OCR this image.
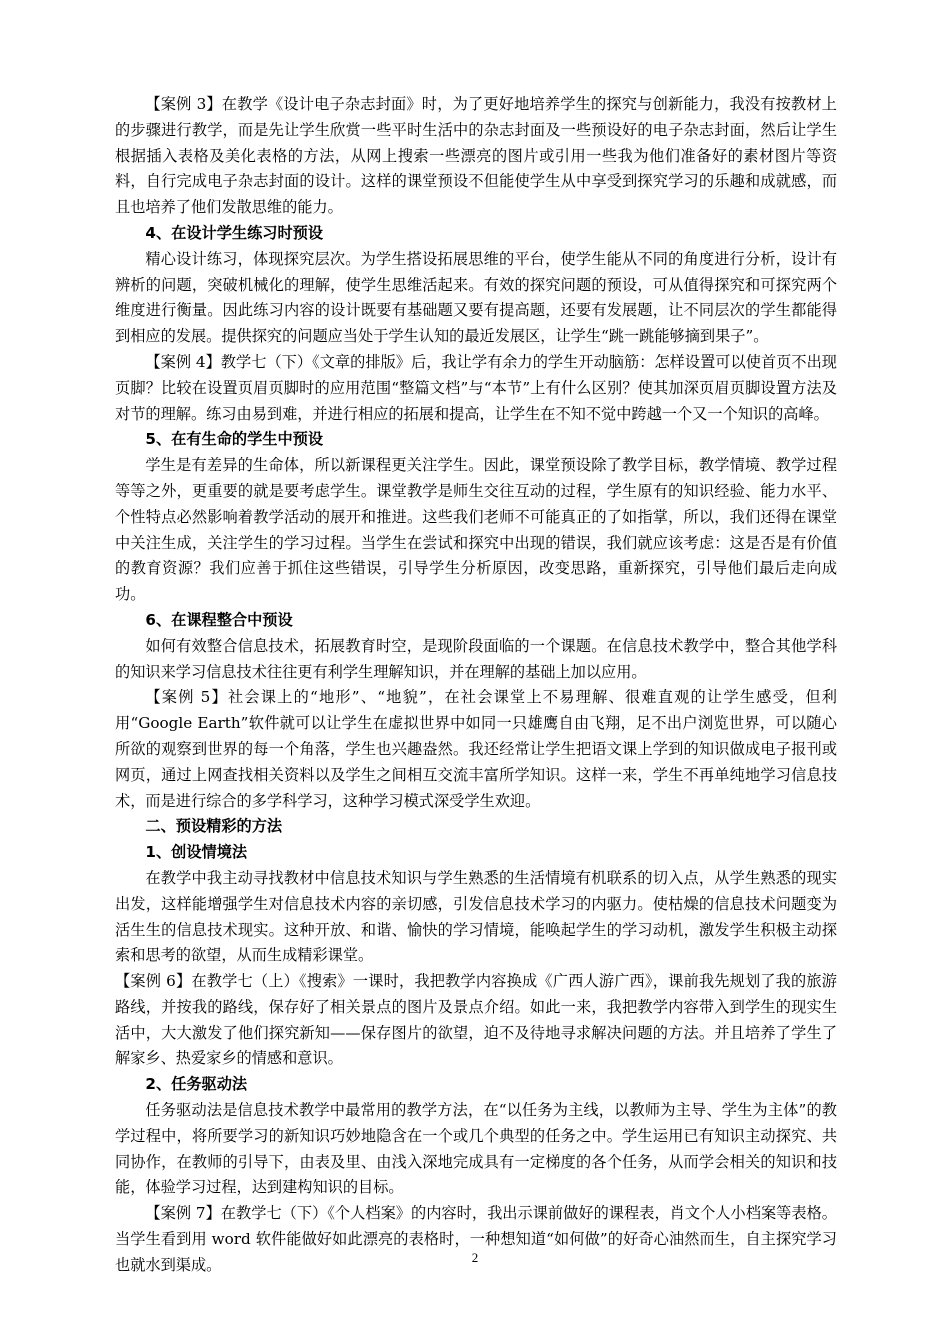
【案例 3】在教学《设计电子杂志封面》时，为了更好地培养学生的探究与创新能力，我没有按教材上的步骤进行教学，而是先让学生欣赏一些平时生活中的杂志封面及一些预设好的电子杂志封面，然后让学生根据插入表格及美化表格的方法，从网上搜索一些漂亮的图片或引用一些我为他们准备好的素材图片等资料，自行完成电子杂志封面的设计。这样的课堂预设不但能使学生从中享受到探究学习的乐趣和成就感，而且也培养了他们发散思维的能力。

4、在设计学生练习时预设

精心设计练习，体现探究层次。为学生搭设拓展思维的平台，使学生能从不同的角度进行分析，设计有辨析的问题，突破机械化的理解，使学生思维活起来。有效的探究问题的预设，可从值得探究和可探究两个维度进行衡量。因此练习内容的设计既要有基础题又要有提高题，还要有发展题，让不同层次的学生都能得到相应的发展。提供探究的问题应当处于学生认知的最近发展区，让学生“跳一跳能够摘到果子”。

【案例 4】教学七（下）《文章的排版》后，我让学有余力的学生开动脑筋：怎样设置可以使首页不出现页脚？比较在设置页眉页脚时的应用范围“整篇文档”与“本节”上有什么区别？使其加深页眉页脚设置方法及对节的理解。练习由易到难，并进行相应的拓展和提高，让学生在不知不觉中跨越一个又一个知识的高峰。

5、在有生命的学生中预设

学生是有差异的生命体，所以新课程更关注学生。因此，课堂预设除了教学目标，教学情境、教学过程等等之外，更重要的就是要考虑学生。课堂教学是师生交往互动的过程，学生原有的知识经验、能力水平、个性特点必然影响着教学活动的展开和推进。这些我们老师不可能真正的了如指掌，所以，我们还得在课堂中关注生成，关注学生的学习过程。当学生在尝试和探究中出现的错误，我们就应该考虑：这是否是有价值的教育资源？我们应善于抓住这些错误，引导学生分析原因，改变思路，重新探究，引导他们最后走向成功。

6、在课程整合中预设

如何有效整合信息技术，拓展教育时空，是现阶段面临的一个课题。在信息技术教学中，整合其他学科的知识来学习信息技术往往更有利学生理解知识，并在理解的基础上加以应用。

【案例 5】社会课上的“地形”、“地貌”，在社会课堂上不易理解、很难直观的让学生感受，但利用“Google Earth”软件就可以让学生在虚拟世界中如同一只雄鹰自由飞翔，足不出户浏览世界，可以随心所欲的观察到世界的每一个角落，学生也兴趣盎然。我还经常让学生把语文课上学到的知识做成电子报刊或网页，通过上网查找相关资料以及学生之间相互交流丰富所学知识。这样一来，学生不再单纯地学习信息技术，而是进行综合的多学科学习，这种学习模式深受学生欢迎。

二、预设精彩的方法
1、创设情境法

在教学中我主动寻找教材中信息技术知识与学生熟悉的生活情境有机联系的切入点，从学生熟悉的现实出发，这样能增强学生对信息技术内容的亲切感，引发信息技术学习的内驱力。使枯燥的信息技术问题变为活生生的信息技术现实。这种开放、和谐、愉快的学习情境，能唤起学生的学习动机，激发学生积极主动探索和思考的欲望，从而生成精彩课堂。

【案例 6】在教学七（上）《搜索》一课时，我把教学内容换成《广西人游广西》，课前我先规划了我的旅游路线，并按我的路线，保存好了相关景点的图片及景点介绍。如此一来，我把教学内容带入到学生的现实生活中，大大激发了他们探究新知——保存图片的欲望，迫不及待地寻求解决问题的方法。并且培养了学生了解家乡、热爱家乡的情感和意识。

2、任务驱动法

任务驱动法是信息技术教学中最常用的教学方法，在“以任务为主线，以教师为主导、学生为主体”的教学过程中，将所要学习的新知识巧妙地隐含在一个或几个典型的任务之中。学生运用已有知识主动探究、共同协作，在教师的引导下，由表及里、由浅入深地完成具有一定梯度的各个任务，从而学会相关的知识和技能，体验学习过程，达到建构知识的目标。

【案例 7】在教学七（下）《个人档案》的内容时，我出示课前做好的课程表，肖文个人小档案等表格。当学生看到用 word 软件能做好如此漂亮的表格时，一种想知道“如何做”的好奇心油然而生，自主探究学习也就水到渠成。	2
